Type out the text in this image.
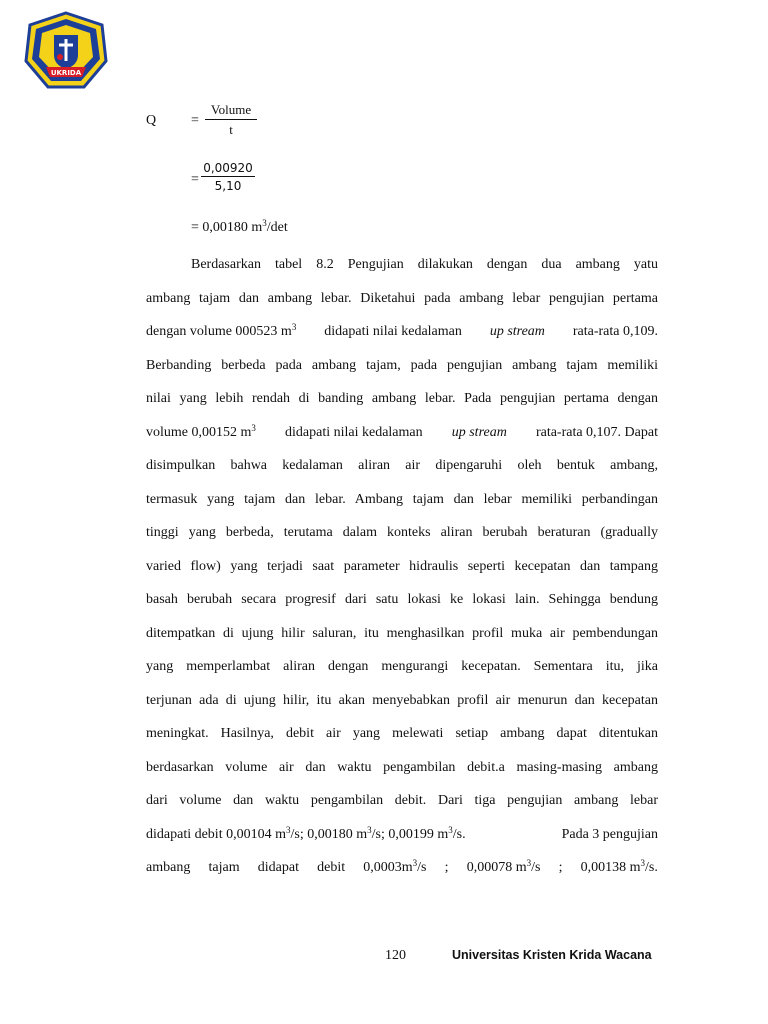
UKRIDA
Q =
Volume
t
=
0,00920
5,10
= 0,00180 $m^3/\det$
Berdasarkan tabel 8.2 Pengujian dilakukan dengan dua ambang yatu
ambang tajam dan ambang lebar. Diketahui pada ambang lebar pengujian pertama
dengan volume 000523 $m^3$ didapati nilai kedalaman up stream rata-rata 0,109.
Berbanding berbeda pada ambang tajam, pada pengujian ambang tajam memiliki
nilai yang lebih rendah di banding ambang lebar. Pada pengujian pertama dengan
volume 0,00152 $m^3$ didapati nilai kedalaman up stream rata-rata 0,107. Dapat
disimpulkan bahwa kedalaman aliran air dipengaruhi oleh bentuk ambang,
termasuk yang tajam dan lebar. Ambang tajam dan lebar memiliki perbandingan
tinggi yang berbeda, terutama dalam konteks aliran berubah beraturan (gradually
varied flow) yang terjadi saat parameter hidraulis seperti kecepatan dan tampang
basah berubah secara progresif dari satu lokasi ke lokasi lain. Sehingga bendung
ditempatkan di ujung hilir saluran, itu menghasilkan profil muka air pembendungan
yang memperlambat aliran dengan mengurangi kecepatan. Sementara itu, jika
terjunan ada di ujung hilir, itu akan menyebabkan profil air menurun dan kecepatan
meningkat. Hasilnya, debit air yang melewati setiap ambang dapat ditentukan
berdasarkan volume air dan waktu pengambilan debit.a masing-masing ambang
dari volume dan waktu pengambilan debit. Dari tiga pengujian ambang lebar
didapati debit 0,00104 $m^3/s$; 0,00180 $m^3/s$; 0,00199 $m^3/s$.	Pada 3 pengujian
ambang tajam didapat debit $0,0003m^3/s$ ; 0,00078 $m^3/s$ ; 0,00138 $m^3/s$.
120	Universitas Kristen Krida Wacana
